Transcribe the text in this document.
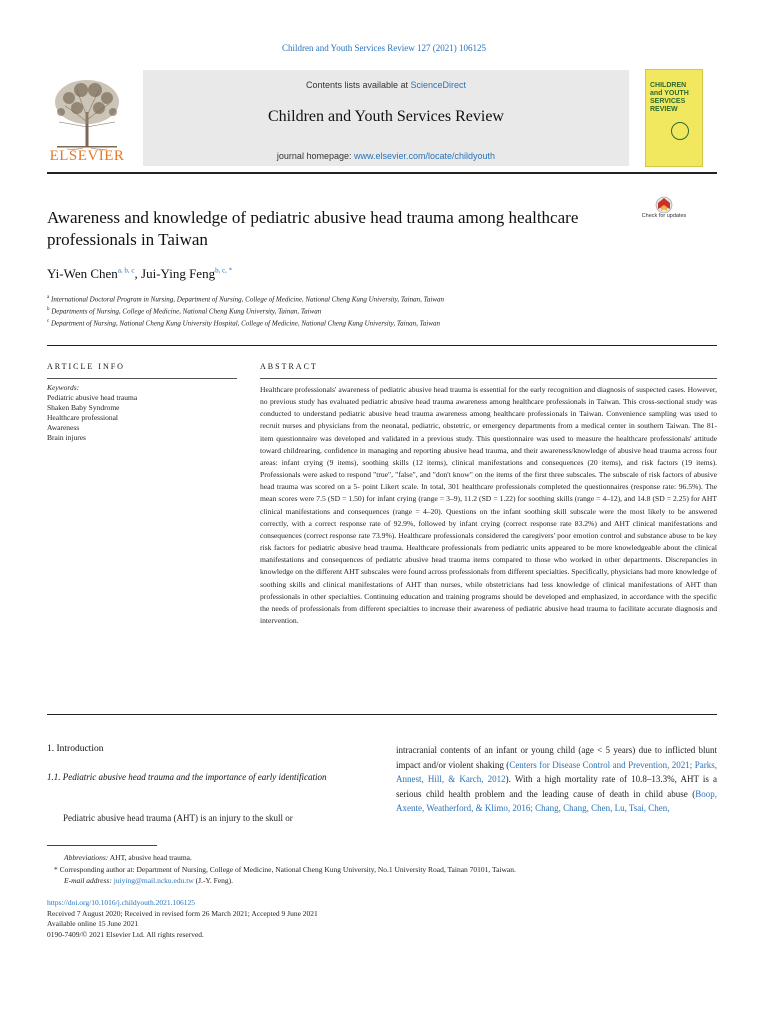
Children and Youth Services Review 127 (2021) 106125
ELSEVIER
Contents lists available at ScienceDirect
Children and Youth Services Review
journal homepage: www.elsevier.com/locate/childyouth
CHILDREN and YOUTH SERVICES REVIEW
Awareness and knowledge of pediatric abusive head trauma among healthcare professionals in Taiwan
Check for updates
Yi-Wen Chen$^{a, b, c}$, Jui-Ying Feng$^{b, c, *}$
$^a$ International Doctoral Program in Nursing, Department of Nursing, College of Medicine, National Cheng Kung University, Tainan, Taiwan
$^b$ Departments of Nursing, College of Medicine, National Cheng Kung University, Tainan, Taiwan
$^c$ Department of Nursing, National Cheng Kung University Hospital, College of Medicine, National Cheng Kung University, Tainan, Taiwan
ARTICLE INFO
Keywords:
Pediatric abusive head trauma
Shaken Baby Syndrome
Healthcare professional
Awareness
Brain injures
ABSTRACT
Healthcare professionals' awareness of pediatric abusive head trauma is essential for the early recognition and diagnosis of suspected cases. However, no previous study has evaluated pediatric abusive head trauma awareness among healthcare professionals in Taiwan. This cross-sectional study was conducted to understand pediatric abusive head trauma awareness among healthcare professionals in Taiwan. Convenience sampling was used to recruit nurses and physicians from the neonatal, pediatric, obstetric, or emergency departments from a medical center in southern Taiwan. The 81-item questionnaire was developed and validated in a previous study. This questionnaire was used to measure the healthcare professionals' attitude toward childrearing, confidence in managing and reporting abusive head trauma, and their awareness/knowledge of abusive head trauma across four areas: infant crying (9 items), soothing skills (12 items), clinical manifestations and consequences (20 items), and risk factors (19 items). Professionals were asked to respond "true", "false", and "don't know" on the items of the first three subscales. The subscale of risk factors of abusive head trauma was scored on a 5- point Likert scale. In total, 301 healthcare professionals completed the questionnaires (response rate: 96.5%). The mean scores were 7.5 (SD = 1.50) for infant crying (range = 3–9), 11.2 (SD = 1.22) for soothing skills (range = 4–12), and 14.8 (SD = 2.25) for AHT clinical manifestations and consequences (range = 4–20). Questions on the infant soothing skill subscale were the most likely to be answered correctly, with a correct response rate of 92.9%, followed by infant crying (correct response rate 83.2%) and AHT clinical manifestations and consequences (correct response rate 73.9%). Healthcare professionals considered the caregivers' poor emotion control and substance abuse to be key risk factors for pediatric abusive head trauma. Healthcare professionals from pediatric units appeared to be more knowledgeable about the clinical manifestations and consequences of pediatric abusive head trauma items compared to those who worked in other departments. Discrepancies in knowledge on the different AHT subscales were found across professionals from different specialties. Specifically, physicians had more knowledge of soothing skills and clinical manifestations of AHT than nurses, while obstetricians had less knowledge of clinical manifestations of AHT than professionals in other specialties. Continuing education and training programs should be developed and emphasized, in accordance with the specific the needs of professionals from different specialties to increase their awareness of pediatric abusive head trauma to facilitate accurate diagnosis and intervention.
1. Introduction
1.1. Pediatric abusive head trauma and the importance of early identification
Pediatric abusive head trauma (AHT) is an injury to the skull or
intracranial contents of an infant or young child (age < 5 years) due to inflicted blunt impact and/or violent shaking (Centers for Disease Control and Prevention, 2021; Parks, Annest, Hill, & Karch, 2012). With a high mortality rate of 10.8–13.3%, AHT is a serious child health problem and the leading cause of death in child abuse (Boop, Axente, Weatherford, & Klimo, 2016; Chang, Chang, Chen, Lu, Tsai, Chen,
Abbreviations: AHT, abusive head trauma.
* Corresponding author at: Department of Nursing, College of Medicine, National Cheng Kung University, No.1 University Road, Tainan 70101, Taiwan.
E-mail address: juiying@mail.ncku.edu.tw (J.-Y. Feng).
https://doi.org/10.1016/j.childyouth.2021.106125
Received 7 August 2020; Received in revised form 26 March 2021; Accepted 9 June 2021
Available online 15 June 2021
0190-7409/© 2021 Elsevier Ltd. All rights reserved.
